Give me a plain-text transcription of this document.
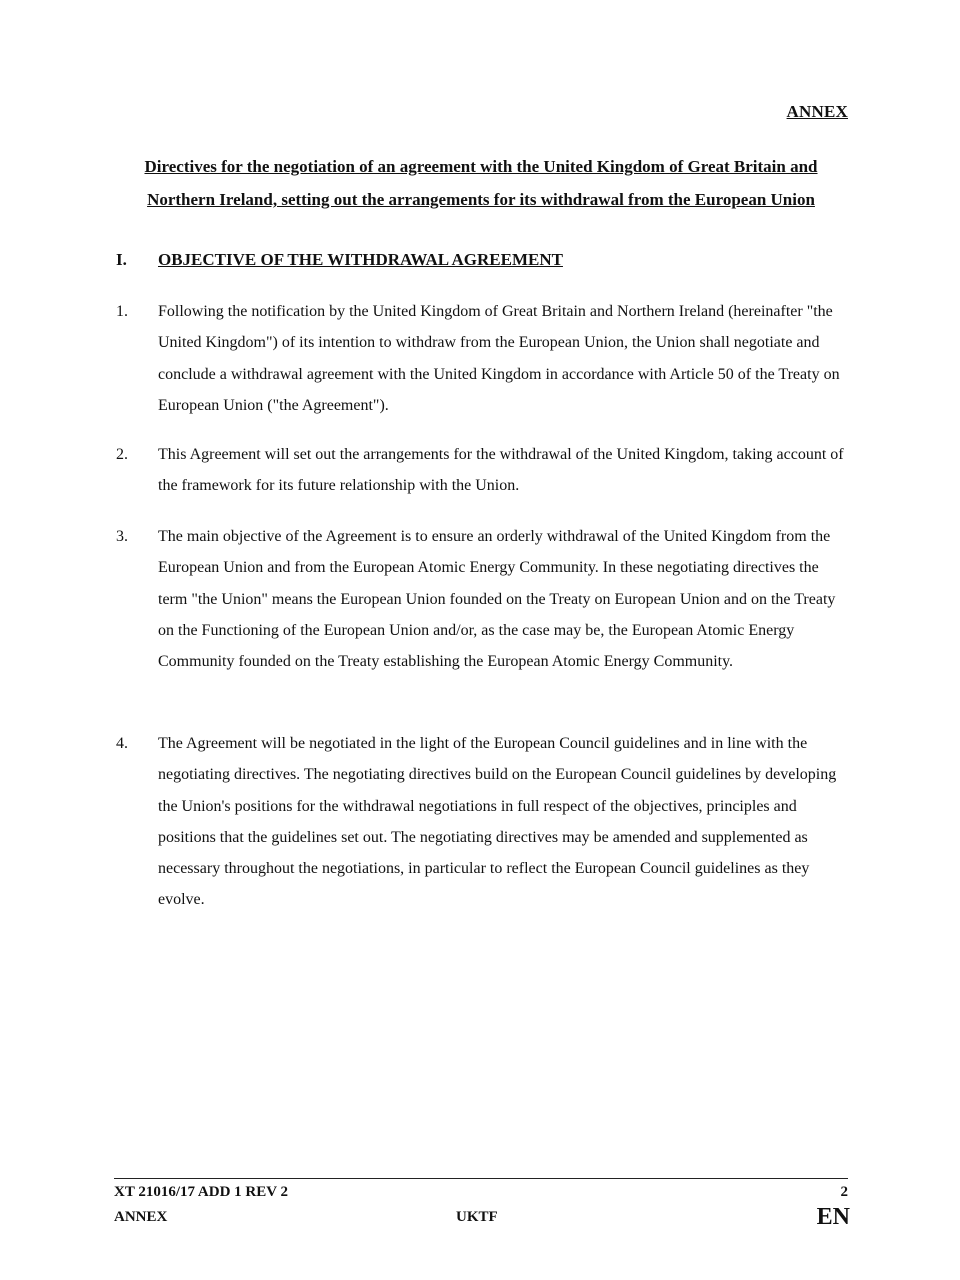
ANNEX
Directives for the negotiation of an agreement with the United Kingdom of Great Britain and
Northern Ireland, setting out the arrangements for its withdrawal from the European Union
I.	OBJECTIVE OF THE WITHDRAWAL AGREEMENT
1.	Following the notification by the United Kingdom of Great Britain and Northern Ireland (hereinafter "the United Kingdom") of its intention to withdraw from the European Union, the Union shall negotiate and conclude a withdrawal agreement with the United Kingdom in accordance with Article 50 of the Treaty on European Union ("the Agreement").
2.	This Agreement will set out the arrangements for the withdrawal of the United Kingdom, taking account of the framework for its future relationship with the Union.
3.	The main objective of the Agreement is to ensure an orderly withdrawal of the United Kingdom from the European Union and from the European Atomic Energy Community. In these negotiating directives the term "the Union" means the European Union founded on the Treaty on European Union and on the Treaty on the Functioning of the European Union and/or, as the case may be, the European Atomic Energy Community founded on the Treaty establishing the European Atomic Energy Community.
4.	The Agreement will be negotiated in the light of the European Council guidelines and in line with the negotiating directives. The negotiating directives build on the European Council guidelines by developing the Union's positions for the withdrawal negotiations in full respect of the objectives, principles and positions that the guidelines set out. The negotiating directives may be amended and supplemented as necessary throughout the negotiations, in particular to reflect the European Council guidelines as they evolve.
XT 21016/17 ADD 1 REV 2	2
ANNEX	UKTF	EN
